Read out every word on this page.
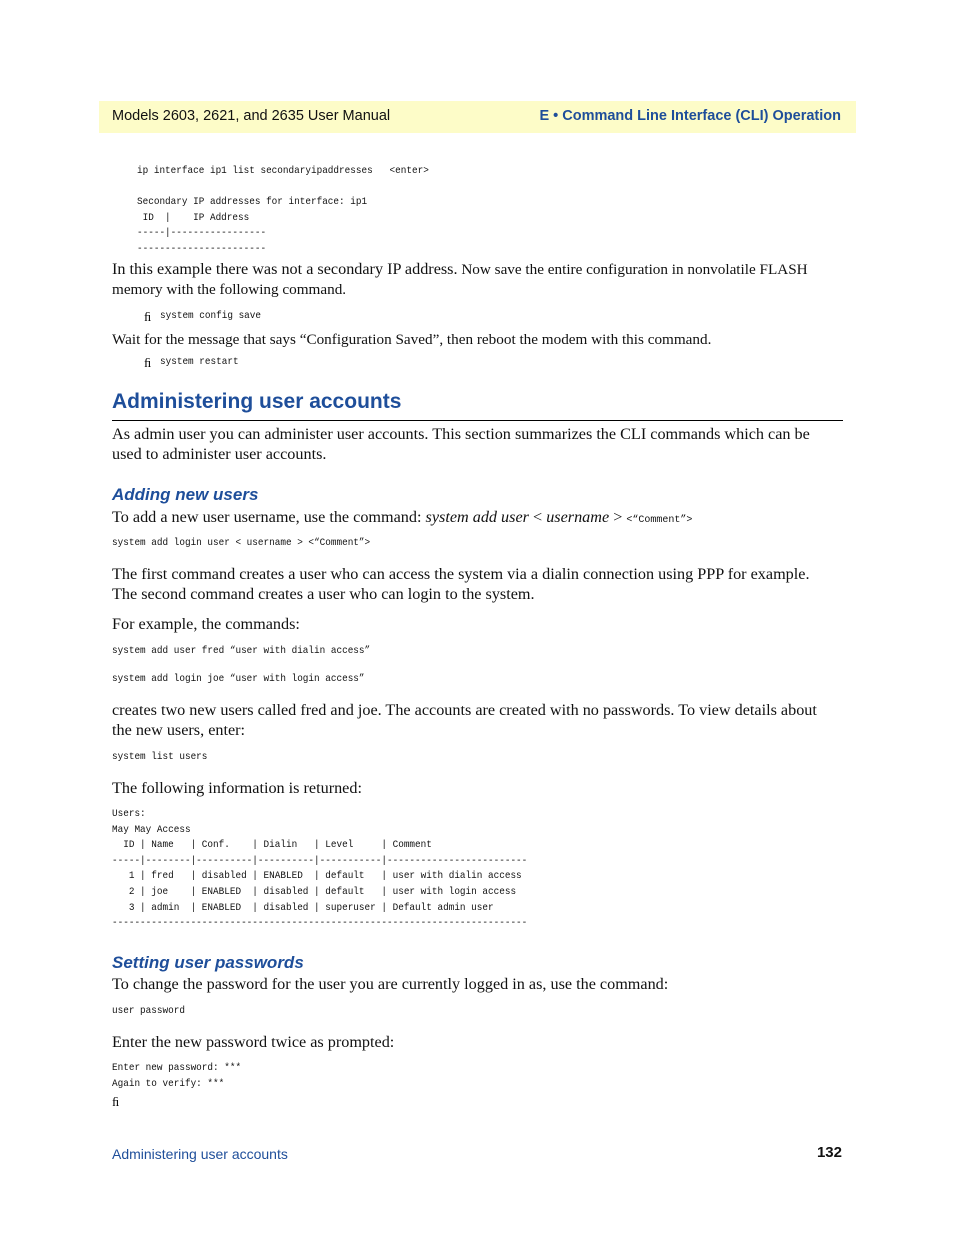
Models 2603, 2621, and 2635 User Manual	E • Command Line Interface (CLI) Operation
ip interface ip1 list secondaryipaddresses   <enter>
Secondary IP addresses for interface: ip1
ID  |    IP Address
-----|-----------------
-----------------------
In this example there was not a secondary IP address. Now save the entire configuration in nonvolatile FLASH
memory with the following command.
ﬁ system config save
Wait for the message that says “Configuration Saved”, then reboot the modem with this command.
ﬁ system restart
Administering user accounts
As admin user you can administer user accounts. This section summarizes the CLI commands which can be
used to administer user accounts.
Adding new users
To add a new user username, use the command: system add user < username > <“Comment”>
system add login user < username > <“Comment”>
The first command creates a user who can access the system via a dialin connection using PPP for example.
The second command creates a user who can login to the system.
For example, the commands:
system add user fred “user with dialin access”
system add login joe “user with login access”
creates two new users called fred and joe. The accounts are created with no passwords. To view details about
the new users, enter:
system list users
The following information is returned:
Users:
May May Access
ID | Name   | Conf.    | Dialin   | Level     | Comment
-----|--------|----------|----------|-----------|-------------------------
1 | fred   | disabled | ENABLED  | default   | user with dialin access
2 | joe    | ENABLED  | disabled | default   | user with login access
3 | admin  | ENABLED  | disabled | superuser | Default admin user
--------------------------------------------------------------------------
Setting user passwords
To change the password for the user you are currently logged in as, use the command:
user password
Enter the new password twice as prompted:
Enter new password: ***
Again to verify: ***
ﬁ
Administering user accounts	132
